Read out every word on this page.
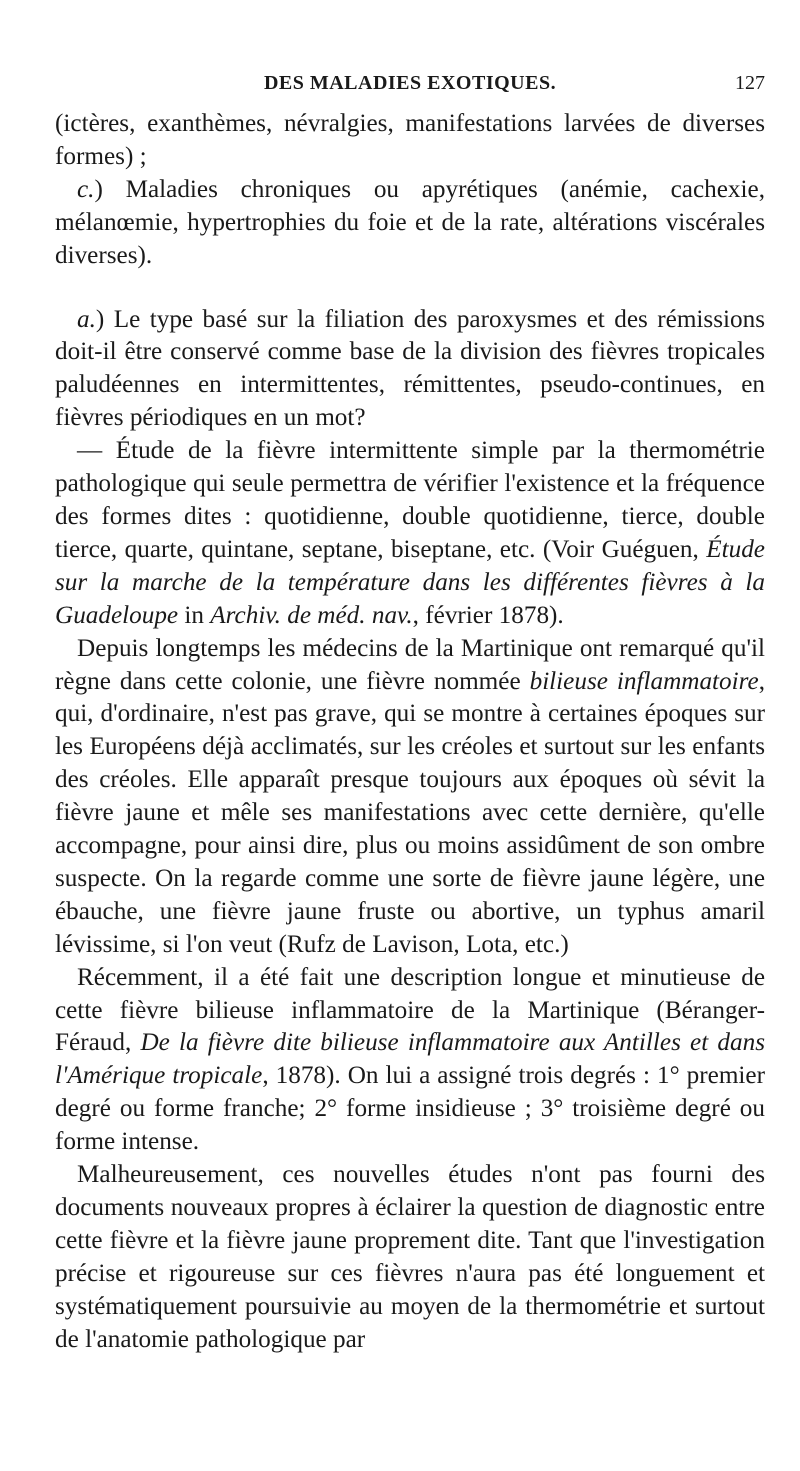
DES MALADIES EXOTIQUES.	127

(ictères, exanthèmes, névralgies, manifestations larvées de diverses formes) ;

c.) Maladies chroniques ou apyrétiques (anémie, cachexie, mélanœmie, hypertrophies du foie et de la rate, altérations viscérales diverses).

a.) Le type basé sur la filiation des paroxysmes et des rémissions doit-il être conservé comme base de la division des fièvres tropicales paludéennes en intermittentes, rémittentes, pseudo-continues, en fièvres périodiques en un mot?

— Étude de la fièvre intermittente simple par la thermométrie pathologique qui seule permettra de vérifier l'existence et la fréquence des formes dites : quotidienne, double quotidienne, tierce, double tierce, quarte, quintane, septane, biseptane, etc. (Voir Guéguen, Étude sur la marche de la température dans les différentes fièvres à la Guadeloupe in Archiv. de méd. nav., février 1878).

Depuis longtemps les médecins de la Martinique ont remarqué qu'il règne dans cette colonie, une fièvre nommée bilieuse inflammatoire, qui, d'ordinaire, n'est pas grave, qui se montre à certaines époques sur les Européens déjà acclimatés, sur les créoles et surtout sur les enfants des créoles. Elle apparaît presque toujours aux époques où sévit la fièvre jaune et mêle ses manifestations avec cette dernière, qu'elle accompagne, pour ainsi dire, plus ou moins assidûment de son ombre suspecte. On la regarde comme une sorte de fièvre jaune légère, une ébauche, une fièvre jaune fruste ou abortive, un typhus amaril lévissime, si l'on veut (Rufz de Lavison, Lota, etc.)

Récemment, il a été fait une description longue et minutieuse de cette fièvre bilieuse inflammatoire de la Martinique (Béranger-Féraud, De la fièvre dite bilieuse inflammatoire aux Antilles et dans l'Amérique tropicale, 1878). On lui a assigné trois degrés : 1° premier degré ou forme franche; 2° forme insidieuse ; 3° troisième degré ou forme intense.

Malheureusement, ces nouvelles études n'ont pas fourni des documents nouveaux propres à éclairer la question de diagnostic entre cette fièvre et la fièvre jaune proprement dite. Tant que l'investigation précise et rigoureuse sur ces fièvres n'aura pas été longuement et systématiquement poursuivie au moyen de la thermométrie et surtout de l'anatomie pathologique par
